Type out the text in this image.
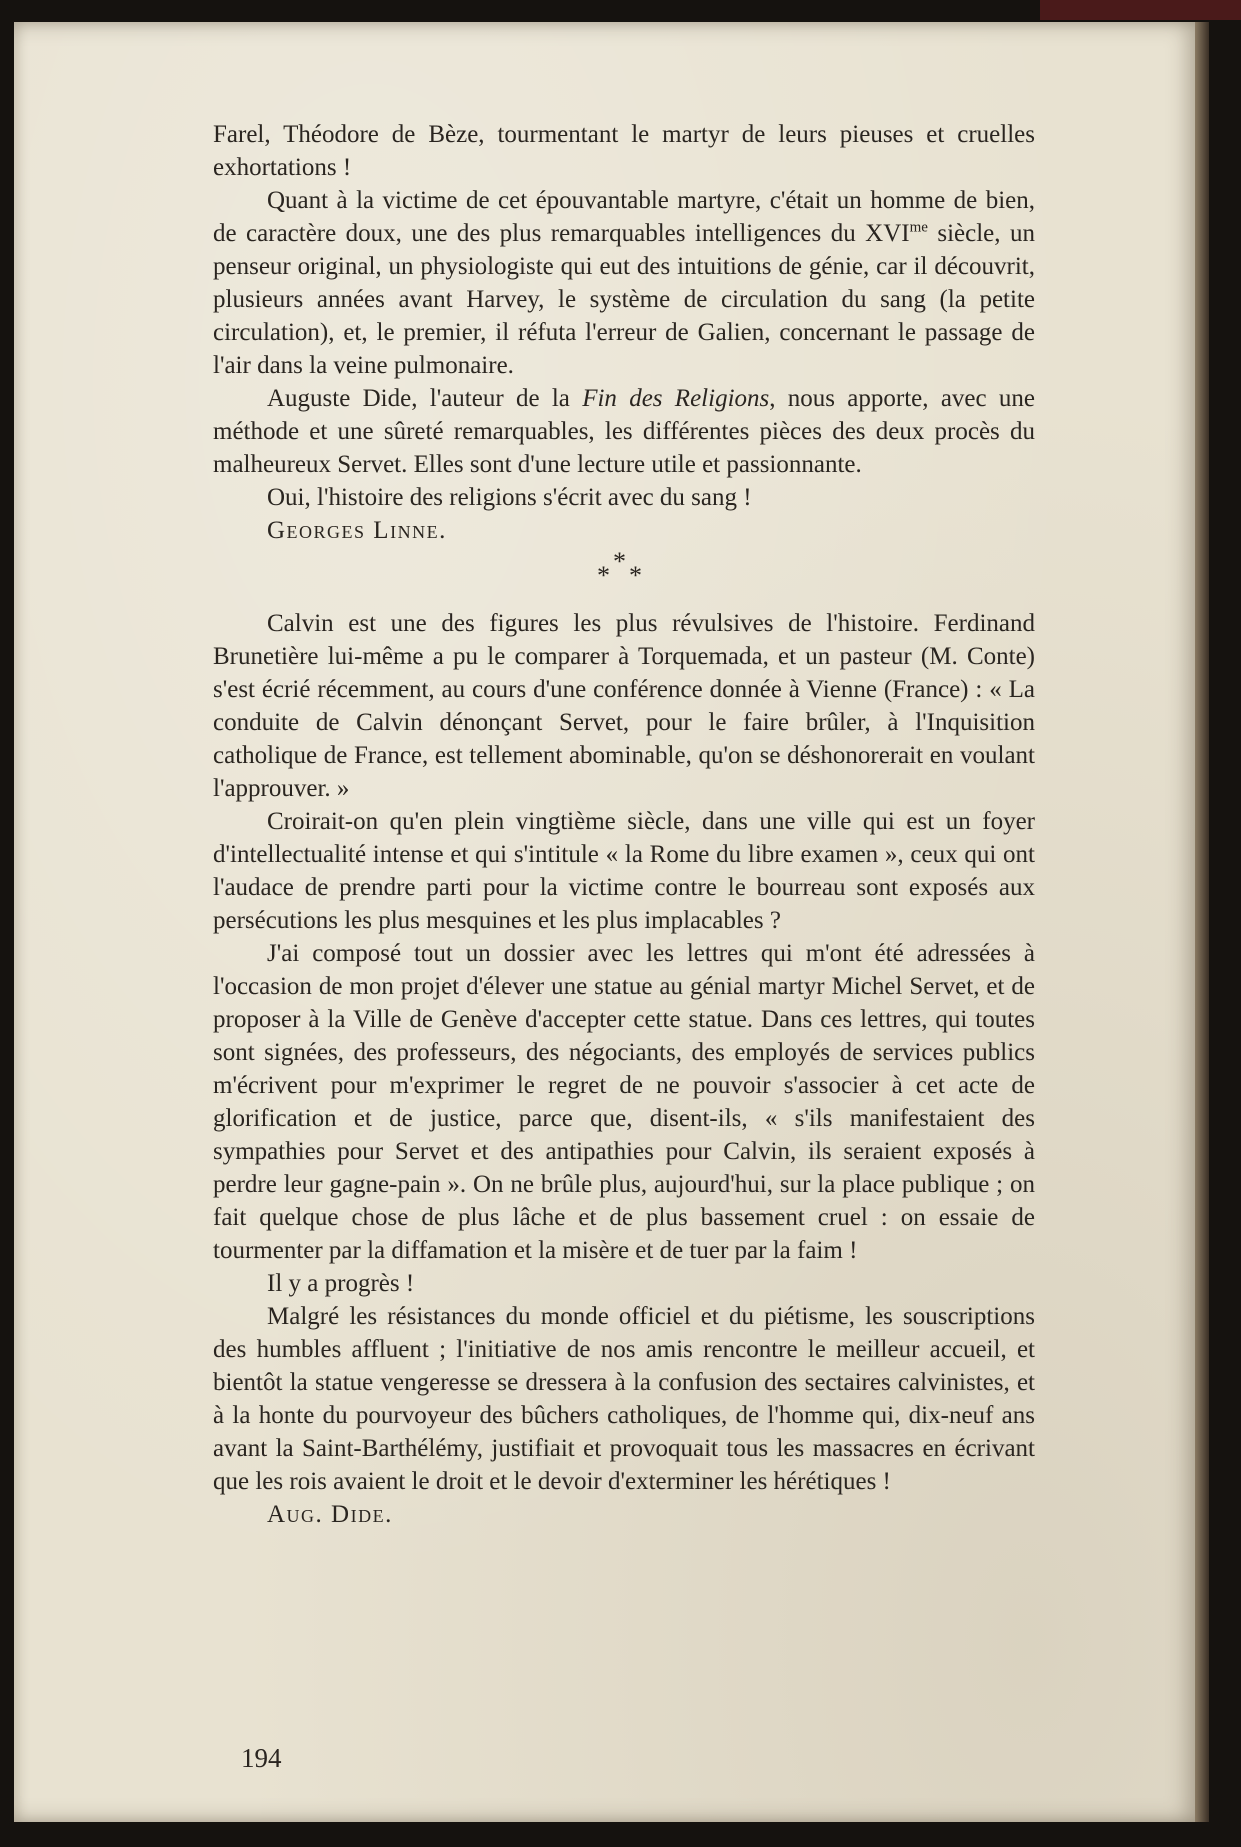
Farel, Théodore de Bèze, tourmentant le martyr de leurs pieuses et cruelles exhortations !

Quant à la victime de cet épouvantable martyre, c'était un homme de bien, de caractère doux, une des plus remarquables intelligences du $XVI^{me}$ siècle, un penseur original, un physiologiste qui eut des intuitions de génie, car il découvrit, plusieurs années avant Harvey, le système de circulation du sang (la petite circulation), et, le premier, il réfuta l'erreur de Galien, concernant le passage de l'air dans la veine pulmonaire.

Auguste Dide, l'auteur de la Fin des Religions, nous apporte, avec une méthode et une sûreté remarquables, les différentes pièces des deux procès du malheureux Servet. Elles sont d'une lecture utile et passionnante.

Oui, l'histoire des religions s'écrit avec du sang !

Georges Linne.

*
* *

Calvin est une des figures les plus révulsives de l'histoire. Ferdinand Brunetière lui-même a pu le comparer à Torquemada, et un pasteur (M. Conte) s'est écrié récemment, au cours d'une conférence donnée à Vienne (France) : « La conduite de Calvin dénonçant Servet, pour le faire brûler, à l'Inquisition catholique de France, est tellement abominable, qu'on se déshonorerait en voulant l'approuver. »

Croirait-on qu'en plein vingtième siècle, dans une ville qui est un foyer d'intellectualité intense et qui s'intitule « la Rome du libre examen », ceux qui ont l'audace de prendre parti pour la victime contre le bourreau sont exposés aux persécutions les plus mesquines et les plus implacables ?

J'ai composé tout un dossier avec les lettres qui m'ont été adressées à l'occasion de mon projet d'élever une statue au génial martyr Michel Servet, et de proposer à la Ville de Genève d'accepter cette statue. Dans ces lettres, qui toutes sont signées, des professeurs, des négociants, des employés de services publics m'écrivent pour m'exprimer le regret de ne pouvoir s'associer à cet acte de glorification et de justice, parce que, disent-ils, « s'ils manifestaient des sympathies pour Servet et des antipathies pour Calvin, ils seraient exposés à perdre leur gagne-pain ». On ne brûle plus, aujourd'hui, sur la place publique ; on fait quelque chose de plus lâche et de plus bassement cruel : on essaie de tourmenter par la diffamation et la misère et de tuer par la faim !

Il y a progrès !

Malgré les résistances du monde officiel et du piétisme, les souscriptions des humbles affluent ; l'initiative de nos amis rencontre le meilleur accueil, et bientôt la statue vengeresse se dressera à la confusion des sectaires calvinistes, et à la honte du pourvoyeur des bûchers catholiques, de l'homme qui, dix-neuf ans avant la Saint-Barthélémy, justifiait et provoquait tous les massacres en écrivant que les rois avaient le droit et le devoir d'exterminer les hérétiques !

Aug. Dide.

194
